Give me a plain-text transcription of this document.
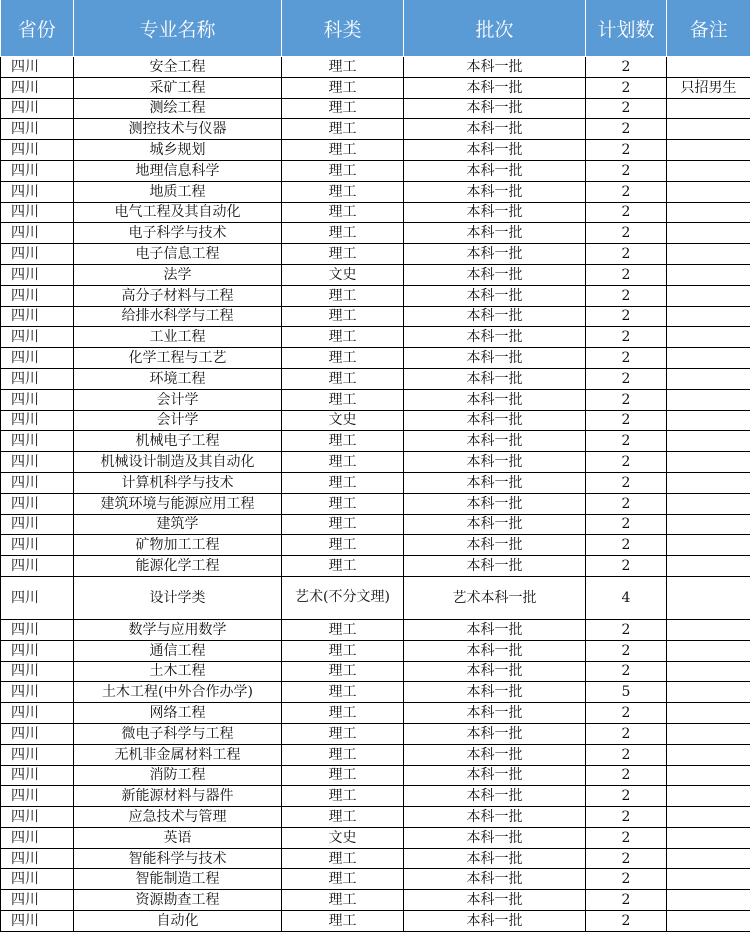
省份	专业名称	科类	批次	计划数	备注
四川	安全工程	理工	本科一批	2	
四川	采矿工程	理工	本科一批	2	只招男生
四川	测绘工程	理工	本科一批	2	
四川	测控技术与仪器	理工	本科一批	2	
四川	城乡规划	理工	本科一批	2	
四川	地理信息科学	理工	本科一批	2	
四川	地质工程	理工	本科一批	2	
四川	电气工程及其自动化	理工	本科一批	2	
四川	电子科学与技术	理工	本科一批	2	
四川	电子信息工程	理工	本科一批	2	
四川	法学	文史	本科一批	2	
四川	高分子材料与工程	理工	本科一批	2	
四川	给排水科学与工程	理工	本科一批	2	
四川	工业工程	理工	本科一批	2	
四川	化学工程与工艺	理工	本科一批	2	
四川	环境工程	理工	本科一批	2	
四川	会计学	理工	本科一批	2	
四川	会计学	文史	本科一批	2	
四川	机械电子工程	理工	本科一批	2	
四川	机械设计制造及其自动化	理工	本科一批	2	
四川	计算机科学与技术	理工	本科一批	2	
四川	建筑环境与能源应用工程	理工	本科一批	2	
四川	建筑学	理工	本科一批	2	
四川	矿物加工工程	理工	本科一批	2	
四川	能源化学工程	理工	本科一批	2	
四川	设计学类	艺术(不分文理)	艺术本科一批	4	
四川	数学与应用数学	理工	本科一批	2	
四川	通信工程	理工	本科一批	2	
四川	土木工程	理工	本科一批	2	
四川	土木工程(中外合作办学)	理工	本科一批	5	
四川	网络工程	理工	本科一批	2	
四川	微电子科学与工程	理工	本科一批	2	
四川	无机非金属材料工程	理工	本科一批	2	
四川	消防工程	理工	本科一批	2	
四川	新能源材料与器件	理工	本科一批	2	
四川	应急技术与管理	理工	本科一批	2	
四川	英语	文史	本科一批	2	
四川	智能科学与技术	理工	本科一批	2	
四川	智能制造工程	理工	本科一批	2	
四川	资源勘查工程	理工	本科一批	2	
四川	自动化	理工	本科一批	2	
